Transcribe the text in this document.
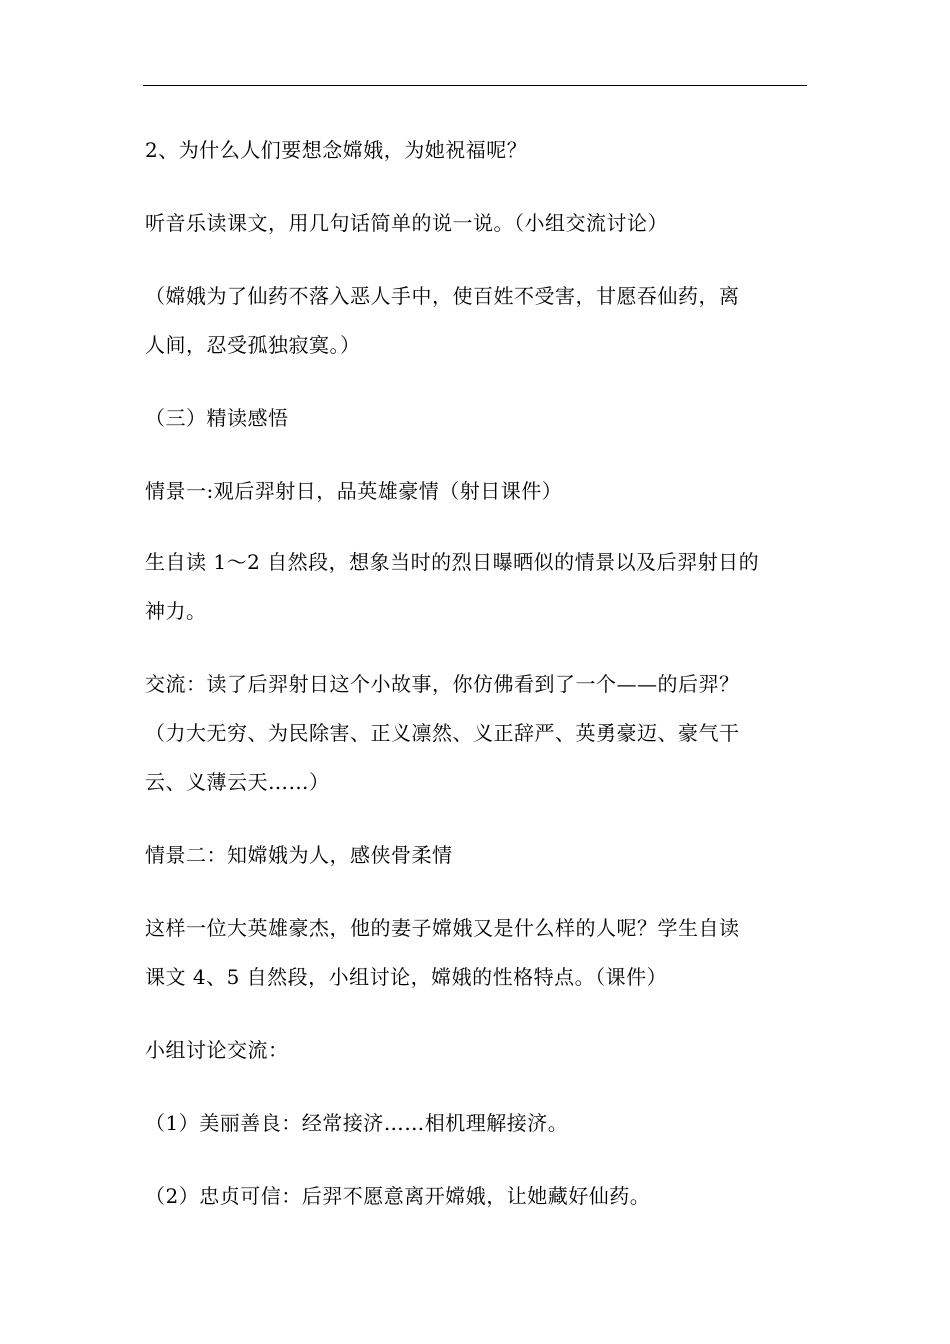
2、为什么人们要想念嫦娥，为她祝福呢？
听音乐读课文，用几句话简单的说一说。（小组交流讨论）
（嫦娥为了仙药不落入恶人手中，使百姓不受害，甘愿吞仙药，离
人间，忍受孤独寂寞。）
（三）精读感悟
情景一:观后羿射日，品英雄豪情（射日课件）
生自读 1～2 自然段，想象当时的烈日曝晒似的情景以及后羿射日的
神力。
交流：读了后羿射日这个小故事，你仿佛看到了一个——的后羿？
（力大无穷、为民除害、正义凛然、义正辞严、英勇豪迈、豪气干
云、义薄云天……）
情景二：知嫦娥为人，感侠骨柔情
这样一位大英雄豪杰，他的妻子嫦娥又是什么样的人呢？学生自读
课文 4、5 自然段，小组讨论，嫦娥的性格特点。（课件）
小组讨论交流：
（1）美丽善良：经常接济……相机理解接济。
（2）忠贞可信：后羿不愿意离开嫦娥，让她藏好仙药。
